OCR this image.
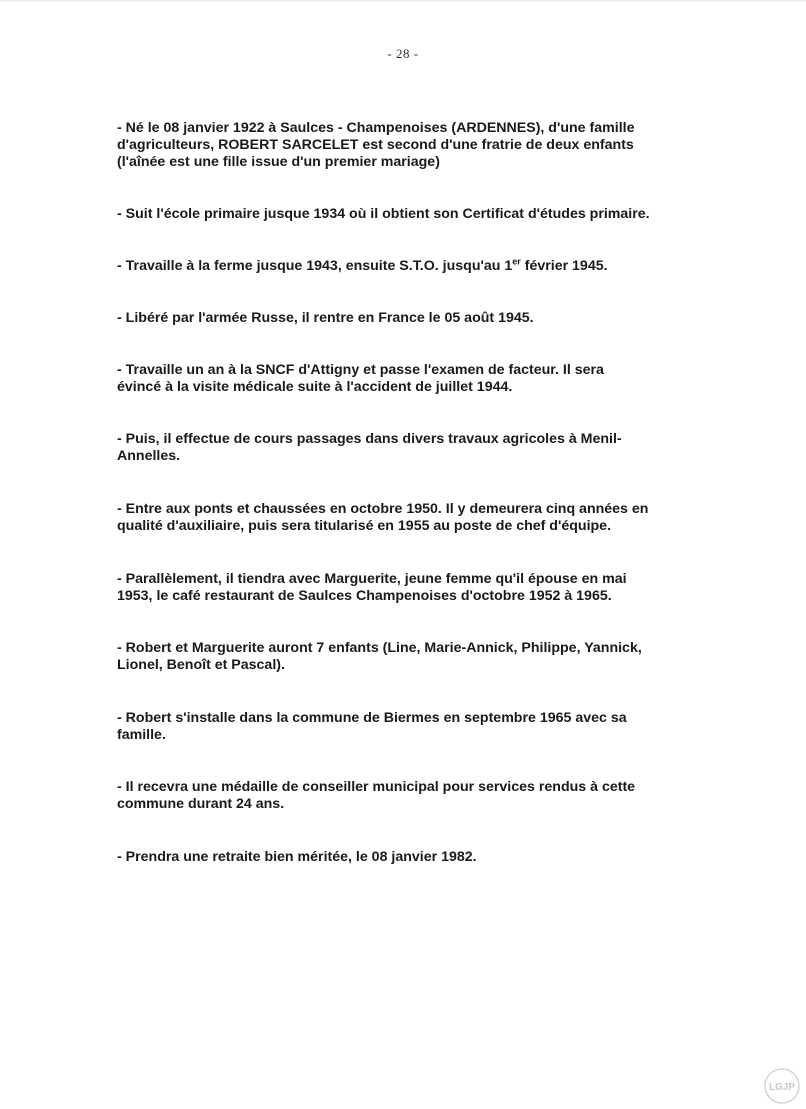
- 28 -

- Né le 08 janvier 1922 à Saulces - Champenoises (ARDENNES), d'une famille
d'agriculteurs, ROBERT SARCELET est second d'une fratrie de deux enfants
(l'aînée est une fille issue d'un premier mariage)

- Suit l'école primaire jusque 1934 où il obtient son Certificat d'études primaire.

- Travaille à la ferme jusque 1943, ensuite S.T.O. jusqu'au 1er février 1945.

- Libéré par l'armée Russe, il rentre en France le 05 août 1945.

- Travaille un an à la SNCF d'Attigny et passe l'examen de facteur. Il sera
évincé à la visite médicale suite à l'accident de juillet 1944.

- Puis, il effectue de cours passages dans divers travaux agricoles à Menil-
Annelles.

- Entre aux ponts et chaussées en octobre 1950. Il y demeurera cinq années en
qualité d'auxiliaire, puis sera titularisé en 1955 au poste de chef d'équipe.

- Parallèlement, il tiendra avec Marguerite, jeune femme qu'il épouse en mai
1953, le café restaurant de Saulces Champenoises d'octobre 1952 à 1965.

- Robert et Marguerite auront 7 enfants (Line, Marie-Annick, Philippe, Yannick,
Lionel, Benoît et Pascal).

- Robert s'installe dans la commune de Biermes en septembre 1965 avec sa
famille.

- Il recevra une médaille de conseiller municipal pour services rendus à cette
commune durant 24 ans.

- Prendra une retraite bien méritée, le 08 janvier 1982.

LGJP
